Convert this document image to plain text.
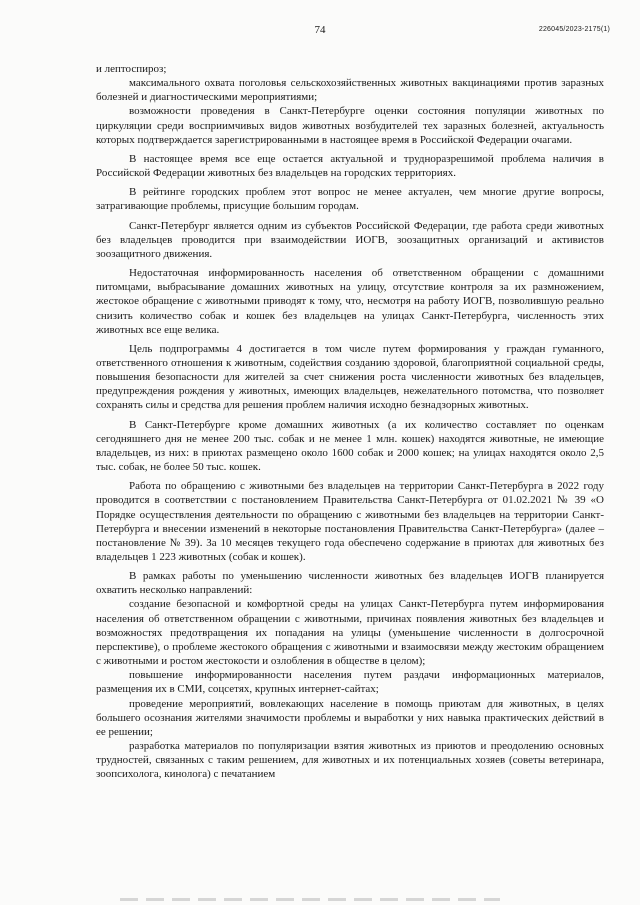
74	226045/2023-2175(1)

и лептоспироз;

максимального охвата поголовья сельскохозяйственных животных вакцинациями против заразных болезней и диагностическими мероприятиями;

возможности проведения в Санкт-Петербурге оценки состояния популяции животных по циркуляции среди восприимчивых видов животных возбудителей тех заразных болезней, актуальность которых подтверждается зарегистрированными в настоящее время в Российской Федерации очагами.

В настоящее время все еще остается актуальной и трудноразрешимой проблема наличия в Российской Федерации животных без владельцев на городских территориях.

В рейтинге городских проблем этот вопрос не менее актуален, чем многие другие вопросы, затрагивающие проблемы, присущие большим городам.

Санкт-Петербург является одним из субъектов Российской Федерации, где работа среди животных без владельцев проводится при взаимодействии ИОГВ, зоозащитных организаций и активистов зоозащитного движения.

Недостаточная информированность населения об ответственном обращении с домашними питомцами, выбрасывание домашних животных на улицу, отсутствие контроля за их размножением, жестокое обращение с животными приводят к тому, что, несмотря на работу ИОГВ, позволившую реально снизить количество собак и кошек без владельцев на улицах Санкт-Петербурга, численность этих животных все еще велика.

Цель подпрограммы 4 достигается в том числе путем формирования у граждан гуманного, ответственного отношения к животным, содействия созданию здоровой, благоприятной социальной среды, повышения безопасности для жителей за счет снижения роста численности животных без владельцев, предупреждения рождения у животных, имеющих владельцев, нежелательного потомства, что позволяет сохранять силы и средства для решения проблем наличия исходно безнадзорных животных.

В Санкт-Петербурге кроме домашних животных (а их количество составляет по оценкам сегодняшнего дня не менее 200 тыс. собак и не менее 1 млн. кошек) находятся животные, не имеющие владельцев, из них: в приютах размещено около 1600 собак и 2000 кошек; на улицах находятся около 2,5 тыс. собак, не более 50 тыс. кошек.

Работа по обращению с животными без владельцев на территории Санкт-Петербурга в 2022 году проводится в соответствии с постановлением Правительства Санкт-Петербурга от 01.02.2021 № 39 «О Порядке осуществления деятельности по обращению с животными без владельцев на территории Санкт-Петербурга и внесении изменений в некоторые постановления Правительства Санкт-Петербурга» (далее – постановление № 39). За 10 месяцев текущего года обеспечено содержание в приютах для животных без владельцев 1 223 животных (собак и кошек).

В рамках работы по уменьшению численности животных без владельцев ИОГВ планируется охватить несколько направлений:

создание безопасной и комфортной среды на улицах Санкт-Петербурга путем информирования населения об ответственном обращении с животными, причинах появления животных без владельцев и возможностях предотвращения их попадания на улицы (уменьшение численности в долгосрочной перспективе), о проблеме жестокого обращения с животными и взаимосвязи между жестоким обращением с животными и ростом жестокости и озлобления в обществе в целом);

повышение информированности населения путем раздачи информационных материалов, размещения их в СМИ, соцсетях, крупных интернет-сайтах;

проведение мероприятий, вовлекающих население в помощь приютам для животных, в целях большего осознания жителями значимости проблемы и выработки у них навыка практических действий в ее решении;

разработка материалов по популяризации взятия животных из приютов и преодолению основных трудностей, связанных с таким решением, для животных и их потенциальных хозяев (советы ветеринара, зоопсихолога, кинолога) с печатанием
